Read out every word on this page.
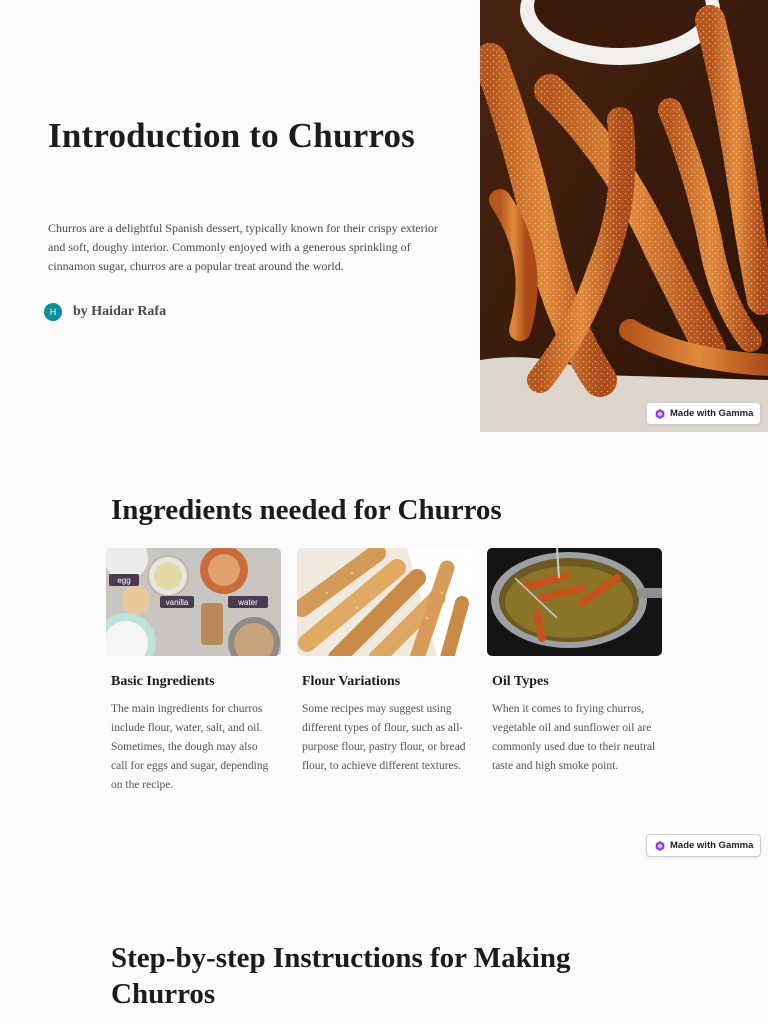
Introduction to Churros

Churros are a delightful Spanish dessert, typically known for their crispy exterior and soft, doughy interior. Commonly enjoyed with a generous sprinkling of cinnamon sugar, churros are a popular treat around the world.

H	by Haidar Rafa
Made with Gamma
Ingredients needed for Churros
egg
vanilla	water
Basic Ingredients

The main ingredients for churros include flour, water, salt, and oil. Sometimes, the dough may also call for eggs and sugar, depending on the recipe.

Flour Variations

Some recipes may suggest using different types of flour, such as all-purpose flour, pastry flour, or bread flour, to achieve different textures.

Oil Types

When it comes to frying churros, vegetable oil and sunflower oil are commonly used due to their neutral taste and high smoke point.

Made with Gamma
Step-by-step Instructions for Making Churros
